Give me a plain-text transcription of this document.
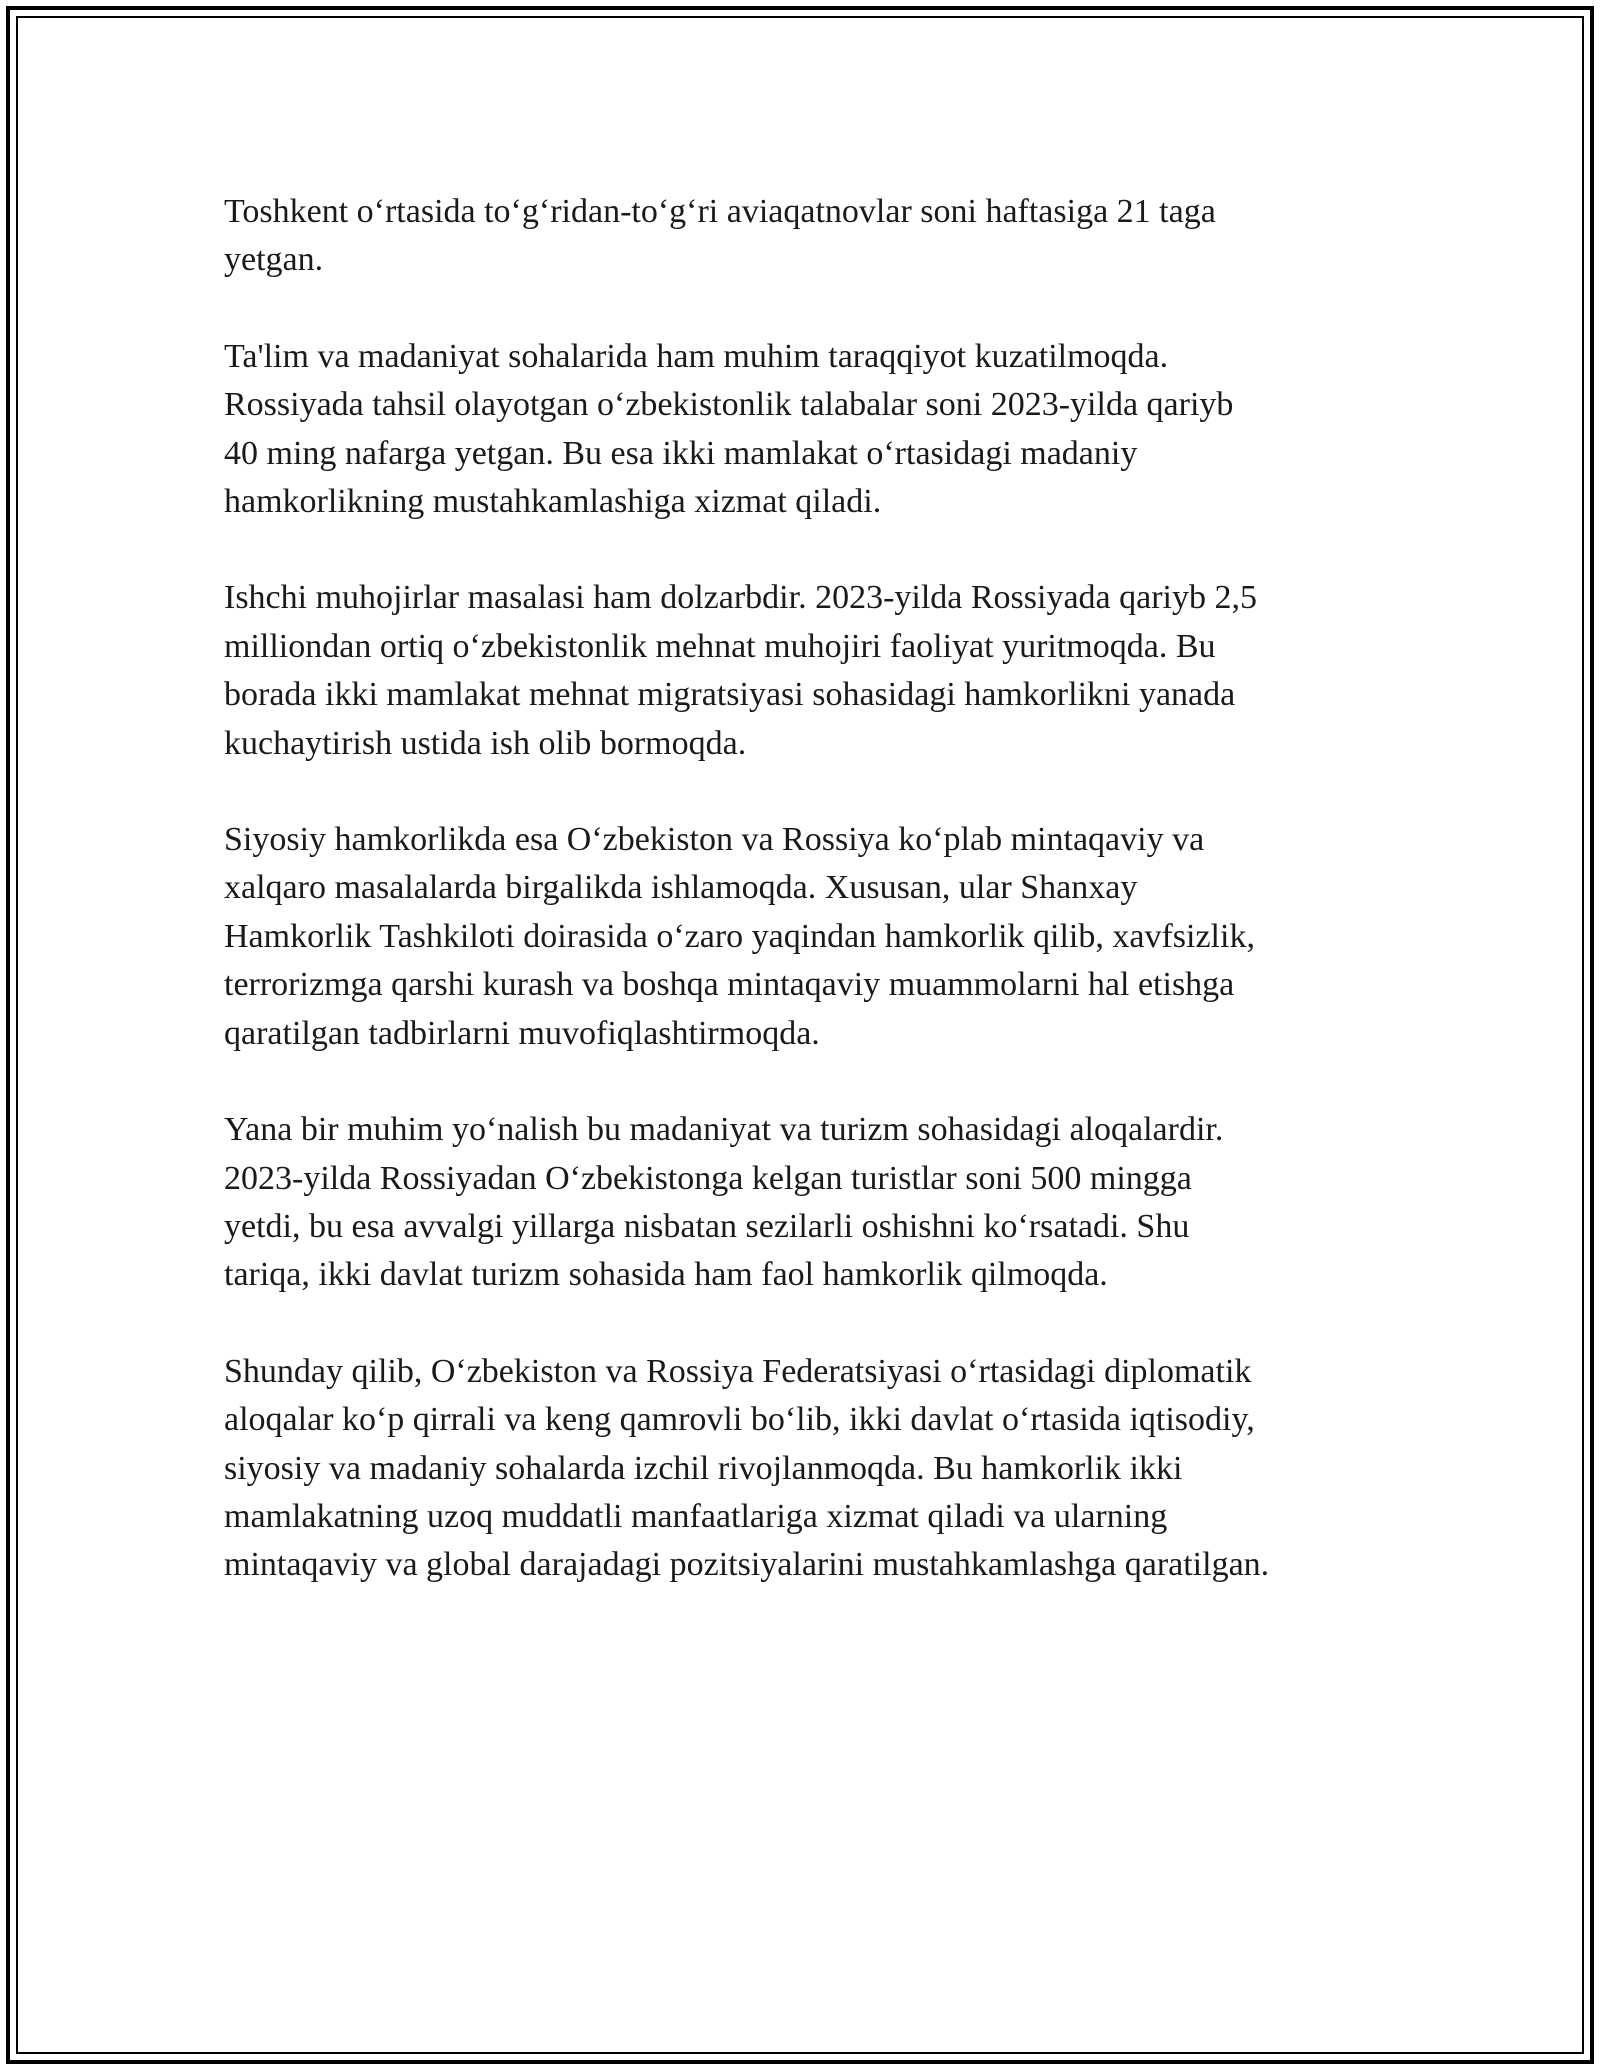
Toshkent o‘rtasida to‘g‘ridan-to‘g‘ri aviaqatnovlar soni haftasiga 21 taga
yetgan.

Ta'lim va madaniyat sohalarida ham muhim taraqqiyot kuzatilmoqda.
Rossiyada tahsil olayotgan o‘zbekistonlik talabalar soni 2023-yilda qariyb
40 ming nafarga yetgan. Bu esa ikki mamlakat o‘rtasidagi madaniy
hamkorlikning mustahkamlashiga xizmat qiladi.

Ishchi muhojirlar masalasi ham dolzarbdir. 2023-yilda Rossiyada qariyb 2,5
milliondan ortiq o‘zbekistonlik mehnat muhojiri faoliyat yuritmoqda. Bu
borada ikki mamlakat mehnat migratsiyasi sohasidagi hamkorlikni yanada
kuchaytirish ustida ish olib bormoqda.

Siyosiy hamkorlikda esa O‘zbekiston va Rossiya ko‘plab mintaqaviy va
xalqaro masalalarda birgalikda ishlamoqda. Xususan, ular Shanxay
Hamkorlik Tashkiloti doirasida o‘zaro yaqindan hamkorlik qilib, xavfsizlik,
terrorizmga qarshi kurash va boshqa mintaqaviy muammolarni hal etishga
qaratilgan tadbirlarni muvofiqlashtirmoqda.

Yana bir muhim yo‘nalish bu madaniyat va turizm sohasidagi aloqalardir.
2023-yilda Rossiyadan O‘zbekistonga kelgan turistlar soni 500 mingga
yetdi, bu esa avvalgi yillarga nisbatan sezilarli oshishni ko‘rsatadi. Shu
tariqa, ikki davlat turizm sohasida ham faol hamkorlik qilmoqda.

Shunday qilib, O‘zbekiston va Rossiya Federatsiyasi o‘rtasidagi diplomatik
aloqalar ko‘p qirrali va keng qamrovli bo‘lib, ikki davlat o‘rtasida iqtisodiy,
siyosiy va madaniy sohalarda izchil rivojlanmoqda. Bu hamkorlik ikki
mamlakatning uzoq muddatli manfaatlariga xizmat qiladi va ularning
mintaqaviy va global darajadagi pozitsiyalarini mustahkamlashga qaratilgan.
